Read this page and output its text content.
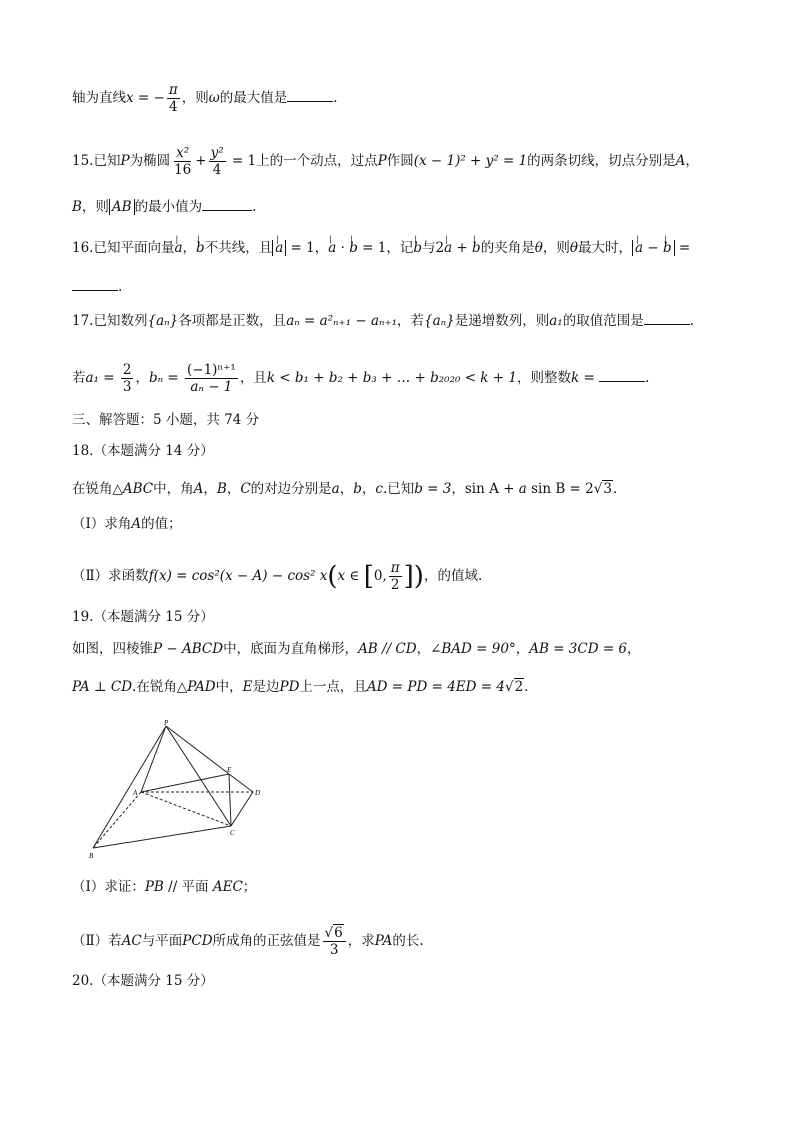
轴为直线x = − $\frac{\pi}{4}$ ，则ω的最大值是	.
15.已知P为椭圆 $\frac{\text{x²}}{16} + \frac{\text{y²}}{4} = 1$上的一个动点，过点P作圆(x − 1)² + y² = 1的两条切线，切点分别是A，
B，则 AB 的最小值为	.
16.已知平面向量| a，| b不共线，且 | a = 1，| a · | b = 1，记| b与2| a + | b的夹角是θ，则θ最大时， | a − | b =
.
17.已知数列{aₙ}各项都是正数，且aₙ = a²ₙ₊₁ − aₙ₊₁，若{aₙ}是递增数列，则a₁的取值范围是	.
若$a_1 = \frac{2}{3}$ ，$b_n = \frac{\text{(−1)ⁿ⁺¹}}{\text{aₙ − 1}}$ ，且k < b₁ + b₂ + b₃ + … + b₂₀₂₀ < k + 1，则整数k =	.
三、解答题：5 小题，共 74 分
18.（本题满分 14 分）
在锐角△ABC中，角A，B，C的对边分别是a，b，c.已知b = 3，sin A + a sin B = 2√3.
（Ⅰ）求角A的值；
（Ⅱ）求函数f(x) = cos²(x − A) − cos² x(x ∈ [0, $\frac{\pi}{2}$ ])，的值域.
19.（本题满分 15 分）
如图，四棱锥P − ABCD中，底面为直角梯形，AB // CD，∠BAD = 90°，AB = 3CD = 6，
PA ⊥ CD.在锐角△PAD中，E是边PD上一点，且AD = PD = 4ED = 4√2.
P
E
A	D
C
B
（Ⅰ）求证：PB // 平面 AEC；
（Ⅱ）若AC与平面PCD所成角的正弦值是 $\frac{√6}{3}$ ，求PA的长.
20.（本题满分 15 分）
